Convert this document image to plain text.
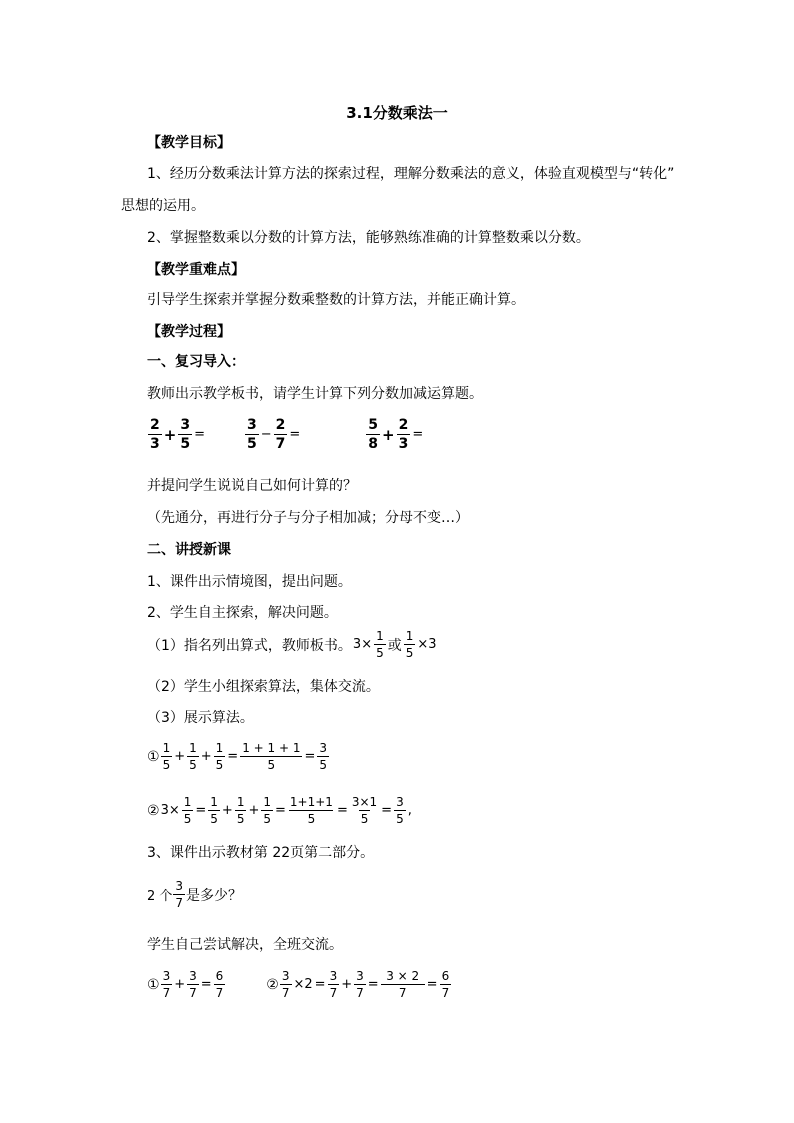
3.1分数乘法一
【教学目标】
1、经历分数乘法计算方法的探索过程，理解分数乘法的意义，体验直观模型与“转化”
思想的运用。
2、掌握整数乘以分数的计算方法，能够熟练准确的计算整数乘以分数。
【教学重难点】
引导学生探索并掌握分数乘整数的计算方法，并能正确计算。
【教学过程】
一、复习导入：
教师出示教学板书，请学生计算下列分数加减运算题。
$\frac{2}{3} + \frac{3}{5}$ =	$\frac{3}{5} - \frac{2}{7}$ =	$\frac{5}{8} + \frac{2}{3}$ =
并提问学生说说自己如何计算的？
（先通分，再进行分子与分子相加减；分母不变…）
二、讲授新课
1、课件出示情境图，提出问题。
2、学生自主探索，解决问题。
（1）指名列出算式，教师板书。 $3\times \frac{1}{5}$ 或 $\frac{1}{5} \times 3$
（2）学生小组探索算法，集体交流。
（3）展示算法。
① $\frac{1}{5} + \frac{1}{5} + \frac{1}{5} = \frac{1 + 1 + 1}{5} = \frac{3}{5}$
② $3\times \frac{1}{5} = \frac{1}{5} + \frac{1}{5} + \frac{1}{5} = \frac{1+1+1}{5} = \frac{3\times 1}{5} = \frac{3}{5}$ ,
3、课件出示教材第 22页第二部分。
2 个 $\frac{3}{7}$ 是多少？
学生自己尝试解决，全班交流。
① $\frac{3}{7} + \frac{3}{7} = \frac{6}{7}$	② $\frac{3}{7} \times 2 = \frac{3}{7} + \frac{3}{7} = \frac{3 \times 2}{7} = \frac{6}{7}$
